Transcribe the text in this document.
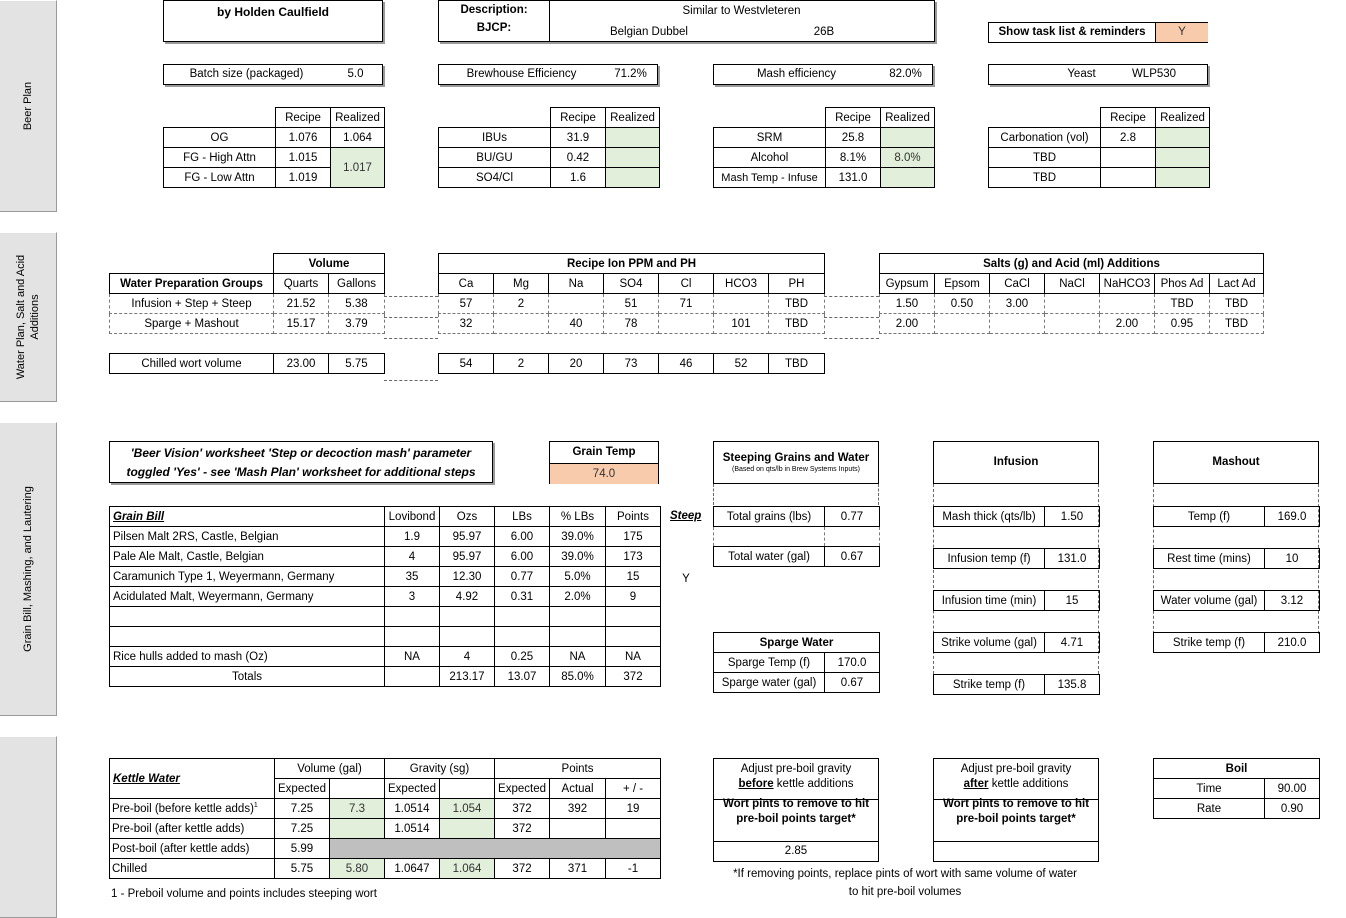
Beer Plan
Water Plan, Salt and Acid Additions
Grain Bill, Mashing, and Lautering
by Holden Caulfield	Description:
BJCP:
Similar to Westvleteren
Belgian Dubbel	26B	Show task list & reminders	Y
Batch size (packaged)	5.0	Brewhouse Efficiency	71.2%	Mash efficiency	82.0%	Yeast	WLP530
	Recipe	Realized
OG	1.076	1.064
FG - High Attn	1.015	1.017
FG - Low Attn	1.019	
	Recipe	Realized
IBUs	31.9	
BU/GU	0.42	
SO4/Cl	1.6	
	Recipe	Realized
SRM	25.8	
Alcohol	8.1%	8.0%
Mash Temp - Infuse	131.0	
	Recipe	Realized
Carbonation (vol)	2.8	
TBD		
TBD		
	Volume	
Water Preparation Groups	Quarts	Gallons
Infusion + Step + Steep	21.52	5.38
Sparge + Mashout	15.17	3.79

Chilled wort volume	23.00	5.75
Recipe Ion PPM and PH						
Ca	Mg	Na	SO4	Cl	HCO3	PH
57	2		51	71		TBD
32		40	78		101	TBD

54	2	20	73	46	52	TBD
Salts (g) and Acid (ml) Additions						
Gypsum	Epsom	CaCl	NaCl	NaHCO3	Phos Ad	Lact Ad
1.50	0.50	3.00			TBD	TBD
2.00				2.00	0.95	TBD
'Beer Vision' worksheet 'Step or decoction mash' parameter
toggled 'Yes' - see 'Mash Plan' worksheet for additional steps
Grain Temp
74.0
Grain Bill	Lovibond	Ozs	LBs	% LBs	Points
Pilsen Malt 2RS, Castle, Belgian	1.9	95.97	6.00	39.0%	175
Pale Ale Malt, Castle, Belgian	4	95.97	6.00	39.0%	173
Caramunich Type 1, Weyermann, Germany	35	12.30	0.77	5.0%	15
Acidulated Malt, Weyermann, Germany	3	4.92	0.31	2.0%	9

Rice hulls added to mash (Oz)	NA	4	0.25	NA	NA
Totals		213.17	13.07	85.0%	372
Steep
Y
Steeping Grains and Water
(Based on qts/lb in Brew Systems Inputs)
Total grains (lbs)	0.77

Total water (gal)	0.67
Sparge Water	
Sparge Temp (f)	170.0
Sparge water (gal)	0.67
Infusion
Mash thick (qts/lb)	1.50
Infusion temp (f)	131.0
Infusion time (min)	15
Strike volume (gal)	4.71
Strike temp (f)	135.8
Mashout
Temp (f)	169.0
Rest time (mins)	10
Water volume (gal)	3.12
Strike temp (f)	210.0
Kettle Water	Volume (gal)		Gravity (sg)		Points		
	Expected		Expected		Expected	Actual	+ / -
Pre-boil (before kettle adds)$^1$	7.25	7.3	1.0514	1.054	372	392	19
Pre-boil (after kettle adds)	7.25		1.0514		372		
Post-boil (after kettle adds)	5.99						
Chilled	5.75	5.80	1.0647	1.064	372	371	-1
1 - Preboil volume and points includes steeping wort
Adjust pre-boil gravity
before kettle additions
Wort pints to remove to hit
pre-boil points target*
2.85
Adjust pre-boil gravity
after kettle additions
Wort pints to remove to hit
pre-boil points target*
*If removing points, replace pints of wort with same volume of water
to hit pre-boil volumes
Boil	
Time	90.00
Rate	0.90
